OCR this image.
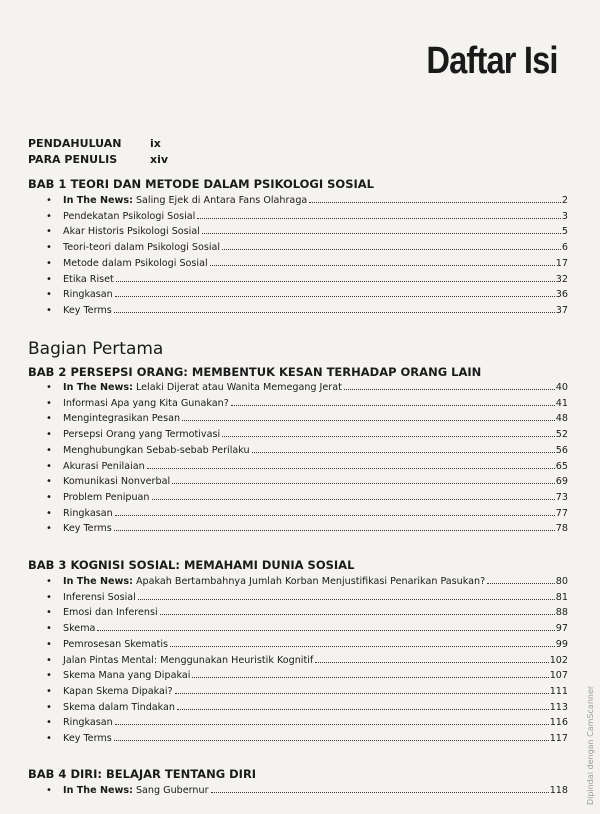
Daftar Isi
PENDAHULUAN	ix
PARA PENULIS	xiv
BAB 1 TEORI DAN METODE DALAM PSIKOLOGI SOSIAL
•	In The News: Saling Ejek di Antara Fans Olahraga	2
•	Pendekatan Psikologi Sosial	3
•	Akar Historis Psikologi Sosial	5
•	Teori-teori dalam Psikologi Sosial	6
•	Metode dalam Psikologi Sosial	17
•	Etika Riset	32
•	Ringkasan	36
•	Key Terms	37
Bagian Pertama
BAB 2 PERSEPSI ORANG: MEMBENTUK KESAN TERHADAP ORANG LAIN
•	In The News: Lelaki Dijerat atau Wanita Memegang Jerat	40
•	Informasi Apa yang Kita Gunakan?	41
•	Mengintegrasikan Pesan	48
•	Persepsi Orang yang Termotivasi	52
•	Menghubungkan Sebab-sebab Perilaku	56
•	Akurasi Penilaian	65
•	Komunikasi Nonverbal	69
•	Problem Penipuan	73
•	Ringkasan	77
•	Key Terms	78
BAB 3 KOGNISI SOSIAL: MEMAHAMI DUNIA SOSIAL
•	In The News: Apakah Bertambahnya Jumlah Korban Menjustifikasi Penarikan Pasukan?	80
•	Inferensi Sosial	81
•	Emosi dan Inferensi	88
•	Skema	97
•	Pemrosesan Skematis	99
•	Jalan Pintas Mental: Menggunakan Heuristik Kognitif	102
•	Skema Mana yang Dipakai	107
•	Kapan Skema Dipakai?	111
•	Skema dalam Tindakan	113
•	Ringkasan	116
•	Key Terms	117
BAB 4 DIRI: BELAJAR TENTANG DIRI
•	In The News: Sang Gubernur	118 Dipindai dengan CamScanner
